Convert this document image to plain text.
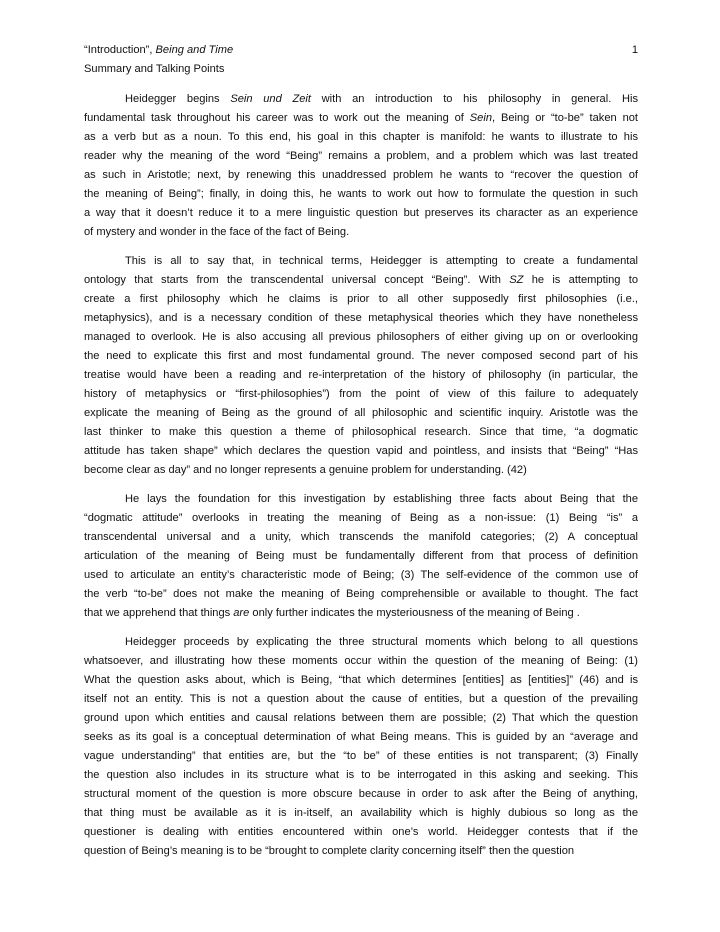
“Introduction”, Being and Time
Summary and Talking Points
1
Heidegger begins Sein und Zeit with an introduction to his philosophy in general. His
fundamental task throughout his career was to work out the meaning of Sein, Being or “to-be” taken not
as a verb but as a noun. To this end, his goal in this chapter is manifold: he wants to illustrate to his
reader why the meaning of the word “Being” remains a problem, and a problem which was last treated
as such in Aristotle; next, by renewing this unaddressed problem he wants to “recover the question of
the meaning of Being”; finally, in doing this, he wants to work out how to formulate the question in such
a way that it doesn’t reduce it to a mere linguistic question but preserves its character as an experience
of mystery and wonder in the face of the fact of Being.
This is all to say that, in technical terms, Heidegger is attempting to create a fundamental
ontology that starts from the transcendental universal concept “Being”. With SZ he is attempting to
create a first philosophy which he claims is prior to all other supposedly first philosophies (i.e.,
metaphysics), and is a necessary condition of these metaphysical theories which they have nonetheless
managed to overlook. He is also accusing all previous philosophers of either giving up on or overlooking
the need to explicate this first and most fundamental ground. The never composed second part of his
treatise would have been a reading and re-interpretation of the history of philosophy (in particular, the
history of metaphysics or “first-philosophies”) from the point of view of this failure to adequately
explicate the meaning of Being as the ground of all philosophic and scientific inquiry. Aristotle was the
last thinker to make this question a theme of philosophical research. Since that time, “a dogmatic
attitude has taken shape” which declares the question vapid and pointless, and insists that “Being” “Has
become clear as day” and no longer represents a genuine problem for understanding. (42)
He lays the foundation for this investigation by establishing three facts about Being that the
“dogmatic attitude” overlooks in treating the meaning of Being as a non-issue: (1) Being “is” a
transcendental universal and a unity, which transcends the manifold categories; (2) A conceptual
articulation of the meaning of Being must be fundamentally different from that process of definition
used to articulate an entity’s characteristic mode of Being; (3) The self-evidence of the common use of
the verb “to-be” does not make the meaning of Being comprehensible or available to thought. The fact
that we apprehend that things are only further indicates the mysteriousness of the meaning of Being .
Heidegger proceeds by explicating the three structural moments which belong to all questions
whatsoever, and illustrating how these moments occur within the question of the meaning of Being: (1)
What the question asks about, which is Being, “that which determines [entities] as [entities]” (46) and is
itself not an entity. This is not a question about the cause of entities, but a question of the prevailing
ground upon which entities and causal relations between them are possible; (2) That which the question
seeks as its goal is a conceptual determination of what Being means. This is guided by an “average and
vague understanding” that entities are, but the “to be” of these entities is not transparent; (3) Finally
the question also includes in its structure what is to be interrogated in this asking and seeking. This
structural moment of the question is more obscure because in order to ask after the Being of anything,
that thing must be available as it is in-itself, an availability which is highly dubious so long as the
questioner is dealing with entities encountered within one’s world. Heidegger contests that if the
question of Being’s meaning is to be “brought to complete clarity concerning itself” then the question
